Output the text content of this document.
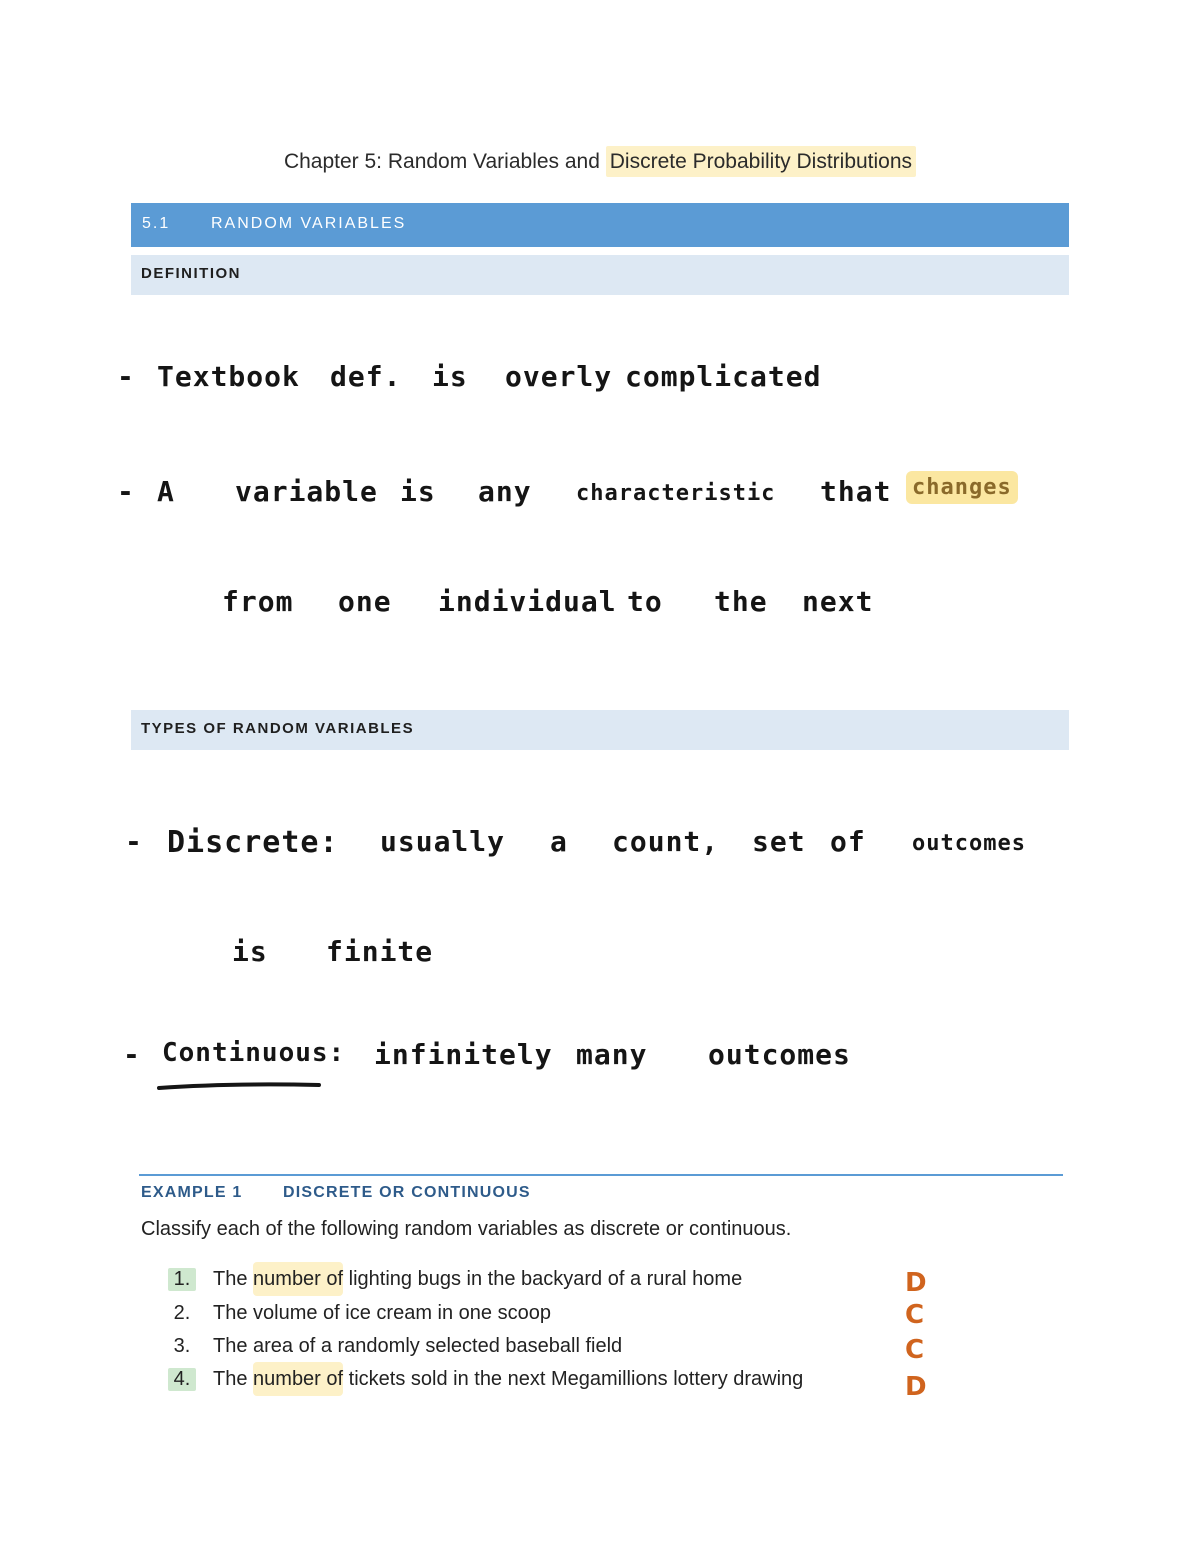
Chapter 5: Random Variables and Discrete Probability Distributions
5.1	RANDOM VARIABLES
DEFINITION
- Textbook def. is overly complicated
- A variable is any characteristic that changes
from one individual to the next
TYPES OF RANDOM VARIABLES
- Discrete: usually a count, set of outcomes
is finite
- Continuous: infinitely many outcomes
EXAMPLE 1	DISCRETE OR CONTINUOUS
Classify each of the following random variables as discrete or continuous.
1. The number of lighting bugs in the backyard of a rural home	D
2. The volume of ice cream in one scoop	C
3. The area of a randomly selected baseball field	C
4. The number of tickets sold in the next Megamillions lottery drawing	D
